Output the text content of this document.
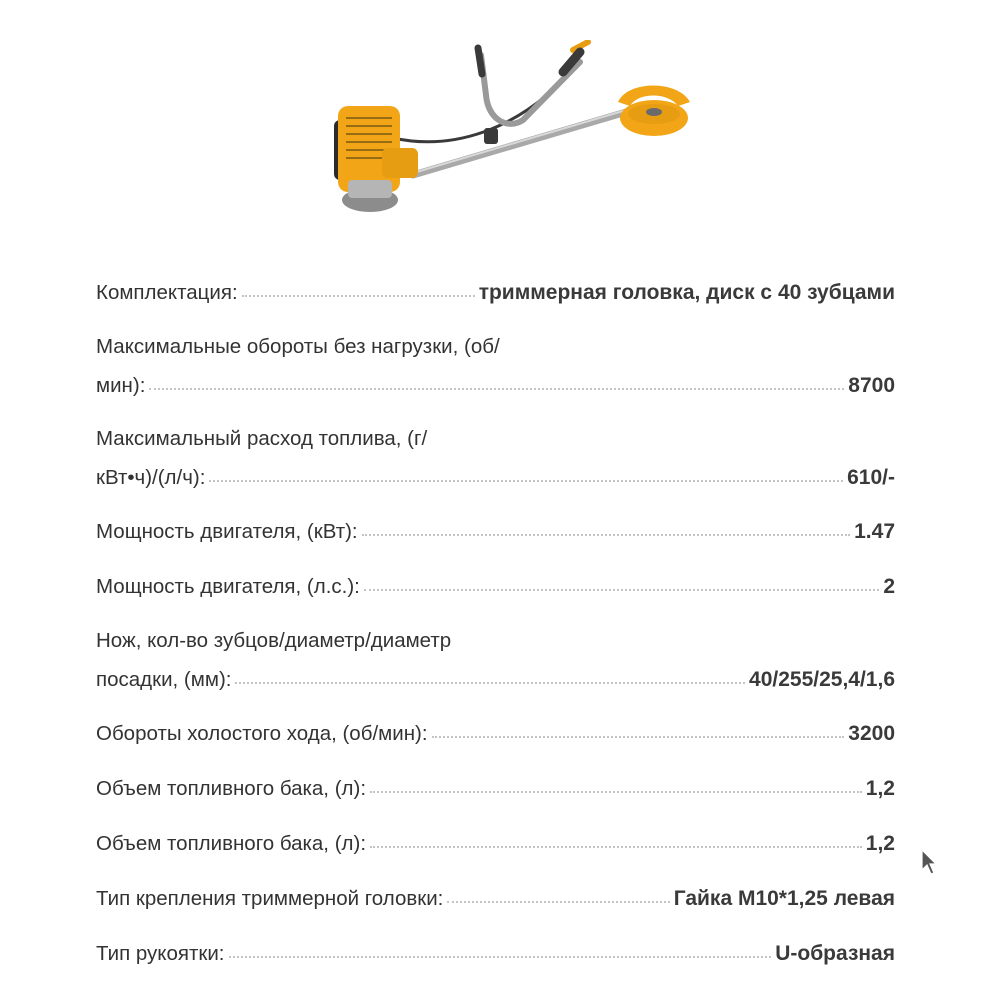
Комплектация:	триммерная головка, диск с 40 зубцами
Максимальные обороты без нагрузки, (об/
мин):	8700
Максимальный расход топлива, (г/
кВт•ч)/(л/ч):	610/-
Мощность двигателя, (кВт):	1.47
Мощность двигателя, (л.с.):	2
Нож, кол-во зубцов/диаметр/диаметр
посадки, (мм):	40/255/25,4/1,6
Обороты холостого хода, (об/мин):	3200
Объем топливного бака, (л):	1,2
Объем топливного бака, (л):	1,2
Тип крепления триммерной головки:	Гайка М10*1,25 левая
Тип рукоятки:	U-образная
